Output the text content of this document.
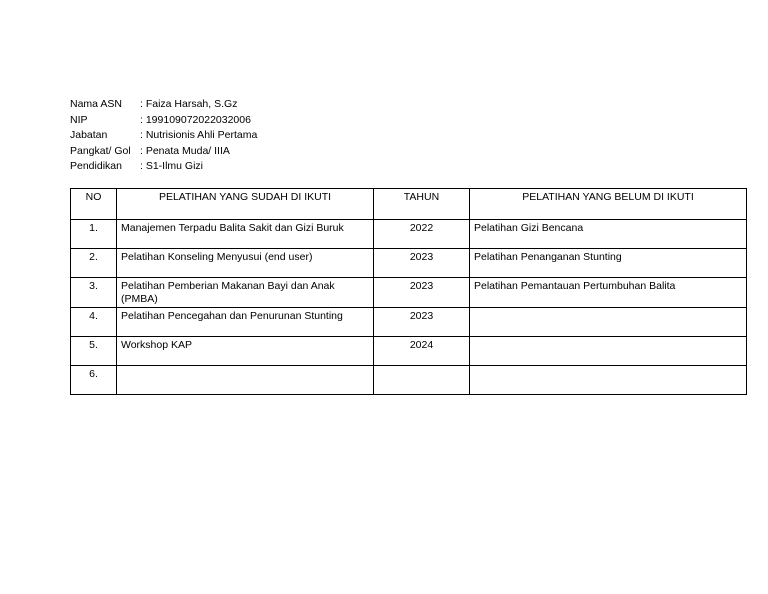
Nama ASN	: Faiza Harsah, S.Gz
NIP	: 199109072022032006
Jabatan	: Nutrisionis Ahli Pertama
Pangkat/ Gol : Penata Muda/ IIIA
Pendidikan	: S1-Ilmu Gizi
NO	PELATIHAN YANG SUDAH DI IKUTI	TAHUN	PELATIHAN YANG BELUM DI IKUTI
1.	Manajemen Terpadu Balita Sakit dan Gizi Buruk	2022	Pelatihan Gizi Bencana
2.	Pelatihan Konseling Menyusui (end user)	2023	Pelatihan Penanganan Stunting
3.	Pelatihan Pemberian Makanan Bayi dan Anak (PMBA)	2023	Pelatihan Pemantauan Pertumbuhan Balita
4.	Pelatihan Pencegahan dan Penurunan Stunting	2023	
5.	Workshop KAP	2024	
6.			
